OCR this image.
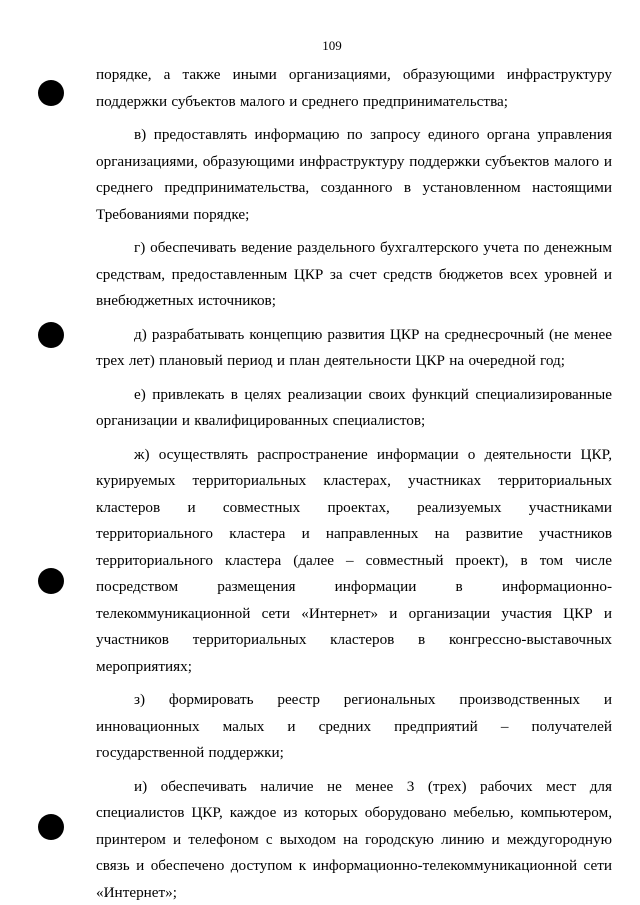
109

порядке, а также иными организациями, образующими инфраструктуру

поддержки субъектов малого и среднего предпринимательства;

в) предоставлять информацию по запросу единого органа управления организациями, образующими инфраструктуру поддержки субъектов малого и среднего предпринимательства, созданного в установленном настоящими Требованиями порядке;

г) обеспечивать ведение раздельного бухгалтерского учета по денежным средствам, предоставленным ЦКР за счет средств бюджетов всех уровней и внебюджетных источников;

д) разрабатывать концепцию развития ЦКР на среднесрочный (не менее трех лет) плановый период и план деятельности ЦКР на очередной год;

е) привлекать в целях реализации своих функций специализированные организации и квалифицированных специалистов;

ж) осуществлять распространение информации о деятельности ЦКР, курируемых территориальных кластерах, участниках территориальных кластеров и совместных проектах, реализуемых участниками территориального кластера и направленных на развитие участников территориального кластера (далее – совместный проект), в том числе посредством размещения информации в информационно-телекоммуникационной сети «Интернет» и организации участия ЦКР и участников территориальных кластеров в конгрессно-выставочных мероприятиях;

з) формировать реестр региональных производственных и инновационных малых и средних предприятий – получателей государственной поддержки;

и) обеспечивать наличие не менее 3 (трех) рабочих мест для специалистов ЦКР, каждое из которых оборудовано мебелью, компьютером, принтером и телефоном с выходом на городскую линию и междугородную связь и обеспечено доступом к информационно-телекоммуникационной сети «Интернет»;
